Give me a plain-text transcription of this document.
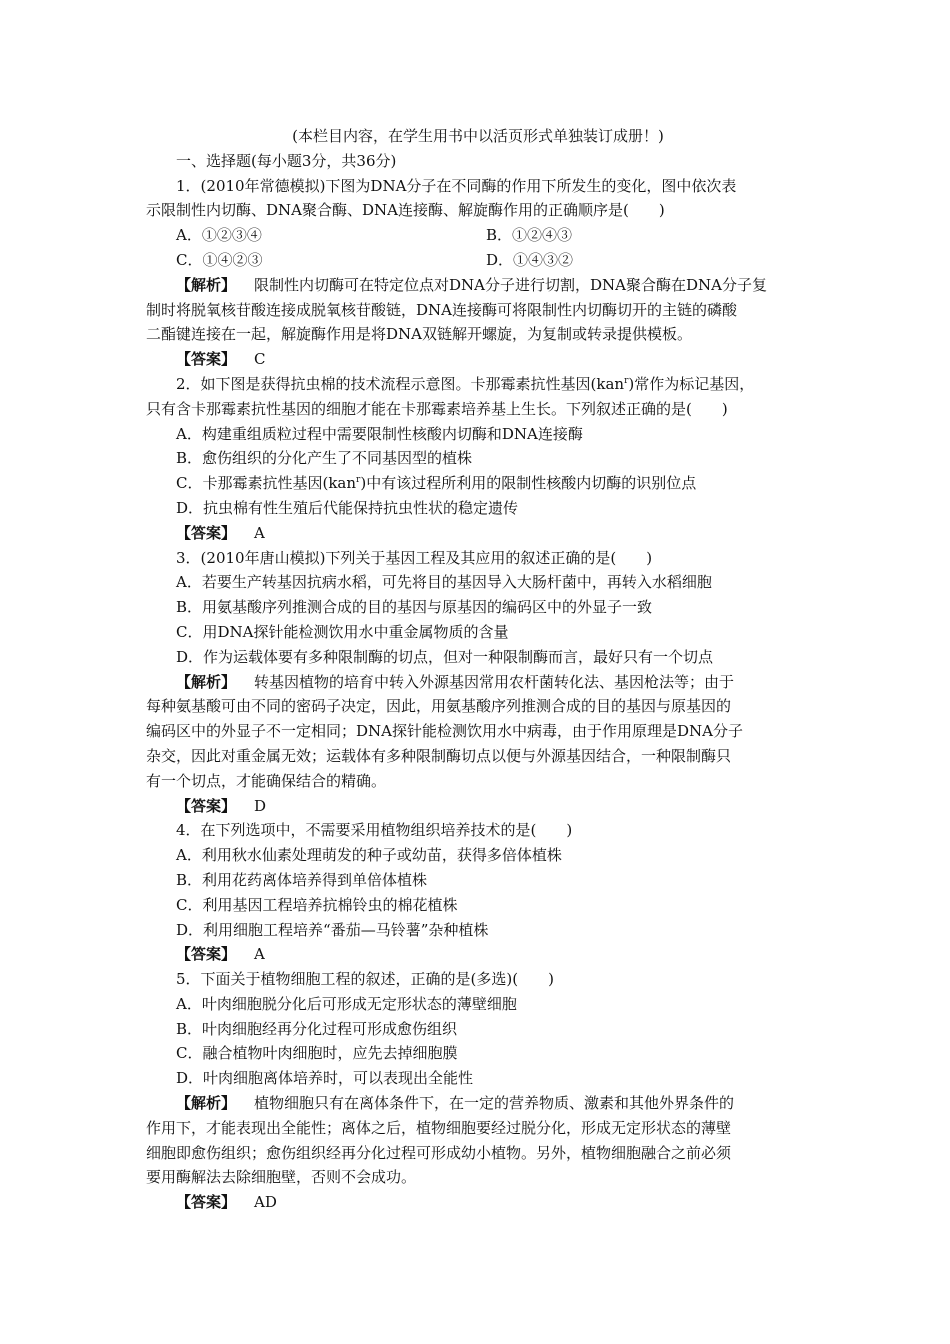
(本栏目内容，在学生用书中以活页形式单独装订成册！)
一、选择题(每小题3分，共36分)
1．(2010年常德模拟)下图为DNA分子在不同酶的作用下所发生的变化，图中依次表
示限制性内切酶、DNA聚合酶、DNA连接酶、解旋酶作用的正确顺序是(　　)
A．①②③④	B．①②④③
C．①④②③	D．①④③②
【解析】 限制性内切酶可在特定位点对DNA分子进行切割，DNA聚合酶在DNA分子复
制时将脱氧核苷酸连接成脱氧核苷酸链，DNA连接酶可将限制性内切酶切开的主链的磷酸
二酯键连接在一起，解旋酶作用是将DNA双链解开螺旋，为复制或转录提供模板。
【答案】 C
2．如下图是获得抗虫棉的技术流程示意图。卡那霉素抗性基因(kan$^r$)常作为标记基因，
只有含卡那霉素抗性基因的细胞才能在卡那霉素培养基上生长。下列叙述正确的是(　　)
A．构建重组质粒过程中需要限制性核酸内切酶和DNA连接酶
B．愈伤组织的分化产生了不同基因型的植株
C．卡那霉素抗性基因(kan$^r$)中有该过程所利用的限制性核酸内切酶的识别位点
D．抗虫棉有性生殖后代能保持抗虫性状的稳定遗传
【答案】 A
3．(2010年唐山模拟)下列关于基因工程及其应用的叙述正确的是(　　)
A．若要生产转基因抗病水稻，可先将目的基因导入大肠杆菌中，再转入水稻细胞
B．用氨基酸序列推测合成的目的基因与原基因的编码区中的外显子一致
C．用DNA探针能检测饮用水中重金属物质的含量
D．作为运载体要有多种限制酶的切点，但对一种限制酶而言，最好只有一个切点
【解析】 转基因植物的培育中转入外源基因常用农杆菌转化法、基因枪法等；由于
每种氨基酸可由不同的密码子决定，因此，用氨基酸序列推测合成的目的基因与原基因的
编码区中的外显子不一定相同；DNA探针能检测饮用水中病毒，由于作用原理是DNA分子
杂交，因此对重金属无效；运载体有多种限制酶切点以便与外源基因结合，一种限制酶只
有一个切点，才能确保结合的精确。
【答案】 D
4．在下列选项中，不需要采用植物组织培养技术的是(　　)
A．利用秋水仙素处理萌发的种子或幼苗，获得多倍体植株
B．利用花药离体培养得到单倍体植株
C．利用基因工程培养抗棉铃虫的棉花植株
D．利用细胞工程培养“番茄—马铃薯”杂种植株
【答案】 A
5．下面关于植物细胞工程的叙述，正确的是(多选)(　　)
A．叶肉细胞脱分化后可形成无定形状态的薄壁细胞
B．叶肉细胞经再分化过程可形成愈伤组织
C．融合植物叶肉细胞时，应先去掉细胞膜
D．叶肉细胞离体培养时，可以表现出全能性
【解析】 植物细胞只有在离体条件下，在一定的营养物质、激素和其他外界条件的
作用下，才能表现出全能性；离体之后，植物细胞要经过脱分化，形成无定形状态的薄壁
细胞即愈伤组织；愈伤组织经再分化过程可形成幼小植物。另外，植物细胞融合之前必须
要用酶解法去除细胞壁，否则不会成功。
【答案】 AD
